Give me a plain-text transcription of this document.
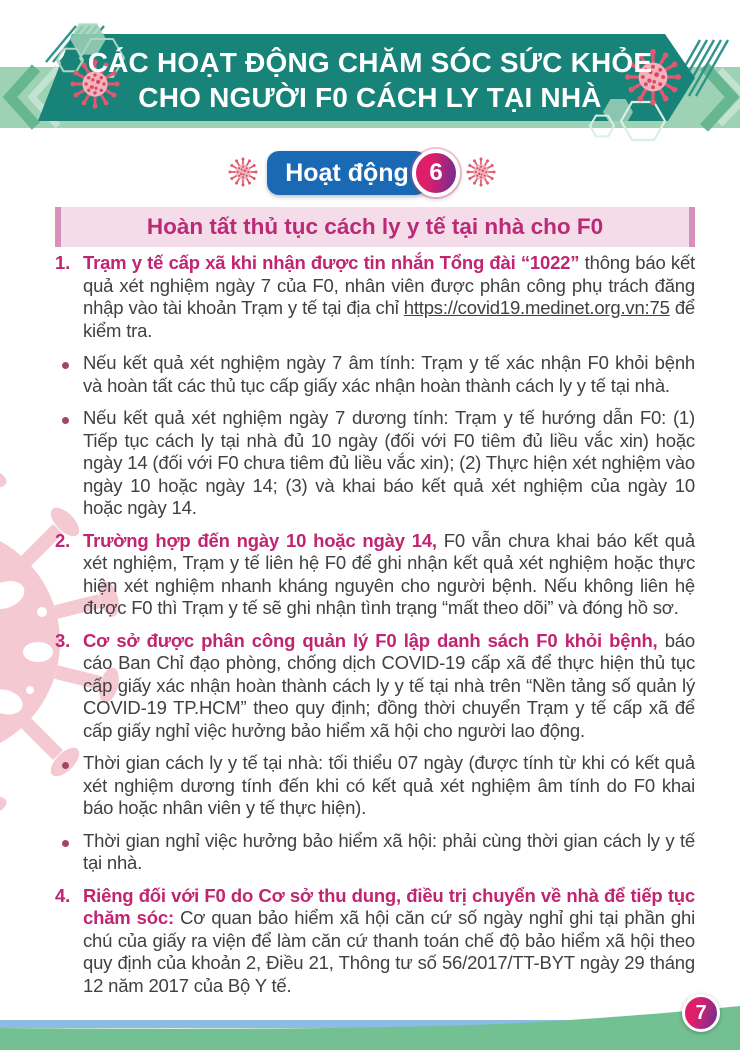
CÁC HOẠT ĐỘNG CHĂM SÓC SỨC KHỎE
CHO NGƯỜI F0 CÁCH LY TẠI NHÀ
Hoạt động 6
Hoàn tất thủ tục cách ly y tế tại nhà cho F0
1. Trạm y tế cấp xã khi nhận được tin nhắn Tổng đài “1022” thông báo kết quả xét nghiệm ngày 7 của F0, nhân viên được phân công phụ trách đăng nhập vào tài khoản Trạm y tế tại địa chỉ https://covid19.medinet.org.vn:75 để kiểm tra.

Nếu kết quả xét nghiệm ngày 7 âm tính: Trạm y tế xác nhận F0 khỏi bệnh và hoàn tất các thủ tục cấp giấy xác nhận hoàn thành cách ly y tế tại nhà.

Nếu kết quả xét nghiệm ngày 7 dương tính: Trạm y tế hướng dẫn F0: (1) Tiếp tục cách ly tại nhà đủ 10 ngày (đối với F0 tiêm đủ liều vắc xin) hoặc ngày 14 (đối với F0 chưa tiêm đủ liều vắc xin); (2) Thực hiện xét nghiệm vào ngày 10 hoặc ngày 14; (3) và khai báo kết quả xét nghiệm của ngày 10 hoặc ngày 14.

2. Trường hợp đến ngày 10 hoặc ngày 14, F0 vẫn chưa khai báo kết quả xét nghiệm, Trạm y tế liên hệ F0 để ghi nhận kết quả xét nghiệm hoặc thực hiện xét nghiệm nhanh kháng nguyên cho người bệnh. Nếu không liên hệ được F0 thì Trạm y tế sẽ ghi nhận tình trạng “mất theo dõi” và đóng hồ sơ.

3. Cơ sở được phân công quản lý F0 lập danh sách F0 khỏi bệnh, báo cáo Ban Chỉ đạo phòng, chống dịch COVID-19 cấp xã để thực hiện thủ tục cấp giấy xác nhận hoàn thành cách ly y tế tại nhà trên “Nền tảng số quản lý COVID-19 TP.HCM” theo quy định; đồng thời chuyển Trạm y tế cấp xã để cấp giấy nghỉ việc hưởng bảo hiểm xã hội cho người lao động.

Thời gian cách ly y tế tại nhà: tối thiểu 07 ngày (được tính từ khi có kết quả xét nghiệm dương tính đến khi có kết quả xét nghiệm âm tính do F0 khai báo hoặc nhân viên y tế thực hiện).

Thời gian nghỉ việc hưởng bảo hiểm xã hội: phải cùng thời gian cách ly y tế tại nhà.

4. Riêng đối với F0 do Cơ sở thu dung, điều trị chuyển về nhà để tiếp tục chăm sóc: Cơ quan bảo hiểm xã hội căn cứ số ngày nghỉ ghi tại phần ghi chú của giấy ra viện để làm căn cứ thanh toán chế độ bảo hiểm xã hội theo quy định của khoản 2, Điều 21, Thông tư số 56/2017/TT-BYT ngày 29 tháng 12 năm 2017 của Bộ Y tế.

7
